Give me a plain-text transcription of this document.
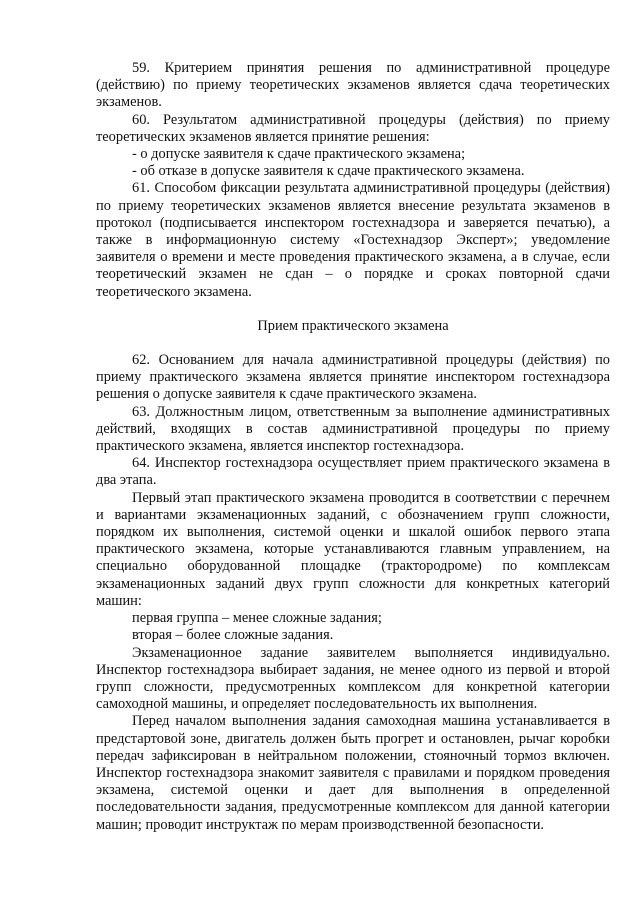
59. Критерием принятия решения по административной процедуре (действию) по приему теоретических экзаменов является сдача теоретических экзаменов.

60. Результатом административной процедуры (действия) по приему теоретических экзаменов является принятие решения:

- о допуске заявителя к сдаче практического экзамена;

- об отказе в допуске заявителя к сдаче практического экзамена.

61. Способом фиксации результата административной процедуры (действия) по приему теоретических экзаменов является внесение результата экзаменов в протокол (подписывается инспектором гостехнадзора и заверяется печатью), а также в информационную систему «Гостехнадзор Эксперт»; уведомление заявителя о времени и месте проведения практического экзамена, а в случае, если теоретический экзамен не сдан – о порядке и сроках повторной сдачи теоретического экзамена.

Прием практического экзамена

62. Основанием для начала административной процедуры (действия) по приему практического экзамена является принятие инспектором гостехнадзора решения о допуске заявителя к сдаче практического экзамена.

63. Должностным лицом, ответственным за выполнение административных действий, входящих в состав административной процедуры по приему практического экзамена, является инспектор гостехнадзора.

64. Инспектор гостехнадзора осуществляет прием практического экзамена в два этапа.

Первый этап практического экзамена проводится в соответствии с перечнем и вариантами экзаменационных заданий, с обозначением групп сложности, порядком их выполнения, системой оценки и шкалой ошибок первого этапа практического экзамена, которые устанавливаются главным управлением, на специально оборудованной площадке (трактородроме) по комплексам экзаменационных заданий двух групп сложности для конкретных категорий машин:

первая группа – менее сложные задания;

вторая – более сложные задания.

Экзаменационное задание заявителем выполняется индивидуально. Инспектор гостехнадзора выбирает задания, не менее одного из первой и второй групп сложности, предусмотренных комплексом для конкретной категории самоходной машины, и определяет последовательность их выполнения.

Перед началом выполнения задания самоходная машина устанавливается в предстартовой зоне, двигатель должен быть прогрет и остановлен, рычаг коробки передач зафиксирован в нейтральном положении, стояночный тормоз включен. Инспектор гостехнадзора знакомит заявителя с правилами и порядком проведения экзамена, системой оценки и дает для выполнения в определенной последовательности задания, предусмотренные комплексом для данной категории машин; проводит инструктаж по мерам производственной безопасности.
